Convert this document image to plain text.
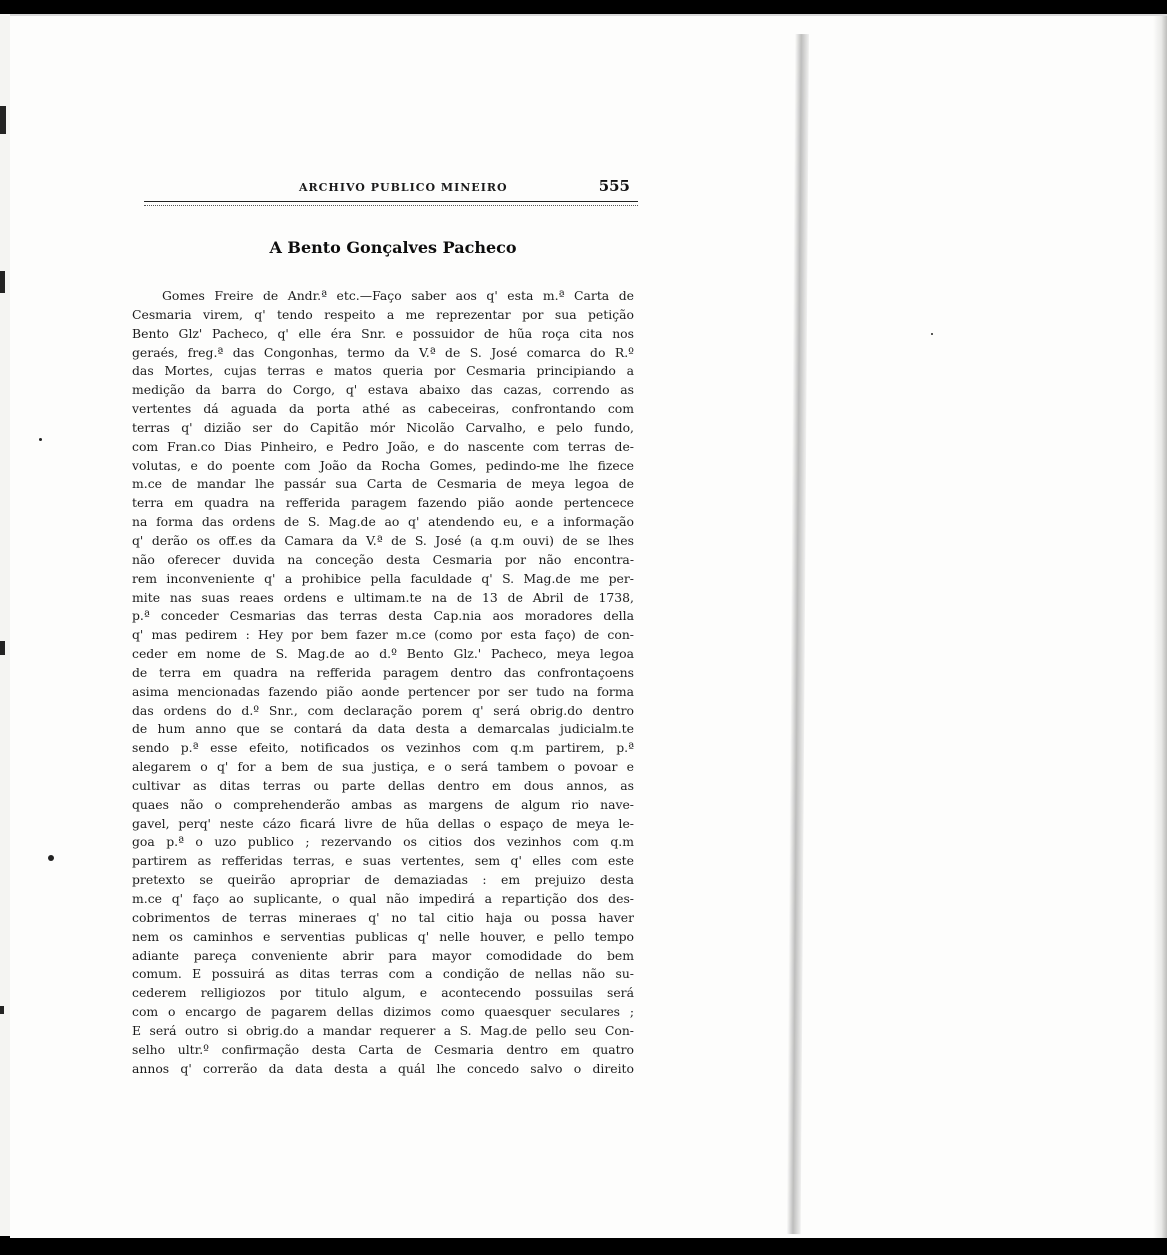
ARCHIVO PUBLICO MINEIRO	555
A Bento Gonçalves Pacheco
Gomes Freire de Andr.ª etc.—Faço saber aos q' esta m.ª Carta de
Cesmaria virem, q' tendo respeito a me reprezentar por sua petição
Bento Glz' Pacheco, q' elle éra Snr. e possuidor de hũa roça cita nos
geraés, freg.ª das Congonhas, termo da V.ª de S. José comarca do R.º
das Mortes, cujas terras e matos queria por Cesmaria principiando a
medição da barra do Corgo, q' estava abaixo das cazas, correndo as
vertentes dá aguada da porta athé as cabeceiras, confrontando com
terras q' dizião ser do Capitão mór Nicolão Carvalho, e pelo fundo,
com Fran.co Dias Pinheiro, e Pedro João, e do nascente com terras de-
volutas, e do poente com João da Rocha Gomes, pedindo-me lhe fizece
m.ce de mandar lhe passár sua Carta de Cesmaria de meya legoa de
terra em quadra na refferida paragem fazendo pião aonde pertencece
na forma das ordens de S. Mag.de ao q' atendendo eu, e a informação
q' derão os off.es da Camara da V.ª de S. José (a q.m ouvi) de se lhes
não oferecer duvida na conceção desta Cesmaria por não encontra-
rem inconveniente q' a prohibice pella faculdade q' S. Mag.de me per-
mite nas suas reaes ordens e ultimam.te na de 13 de Abril de 1738,
p.ª conceder Cesmarias das terras desta Cap.nia aos moradores della
q' mas pedirem : Hey por bem fazer m.ce (como por esta faço) de con-
ceder em nome de S. Mag.de ao d.º Bento Glz.' Pacheco, meya legoa
de terra em quadra na refferida paragem dentro das confrontaçoens
asima mencionadas fazendo pião aonde pertencer por ser tudo na forma
das ordens do d.º Snr., com declaração porem q' será obrig.do dentro
de hum anno que se contará da data desta a demarcalas judicialm.te
sendo p.ª esse efeito, notificados os vezinhos com q.m partirem, p.ª
alegarem o q' for a bem de sua justiça, e o será tambem o povoar e
cultivar as ditas terras ou parte dellas dentro em dous annos, as
quaes não o comprehenderão ambas as margens de algum rio nave-
gavel, perq' neste cázo ficará livre de hũa dellas o espaço de meya le-
goa p.ª o uzo publico ; rezervando os citios dos vezinhos com q.m
partirem as refferidas terras, e suas vertentes, sem q' elles com este
pretexto se queirão apropriar de demaziadas : em prejuizo desta
m.ce q' faço ao suplicante, o qual não impedirá a repartição dos des-
cobrimentos de terras mineraes q' no tal citio haja ou possa haver
nem os caminhos e serventias publicas q' nelle houver, e pello tempo
adiante pareça conveniente abrir para mayor comodidade do bem
comum. E possuirá as ditas terras com a condição de nellas não su-
cederem relligiozos por titulo algum, e acontecendo possuilas será
com o encargo de pagarem dellas dizimos como quaesquer seculares ;
E será outro si obrig.do a mandar requerer a S. Mag.de pello seu Con-
selho ultr.º confirmação desta Carta de Cesmaria dentro em quatro
annos q' correrão da data desta a quál lhe concedo salvo o direito
